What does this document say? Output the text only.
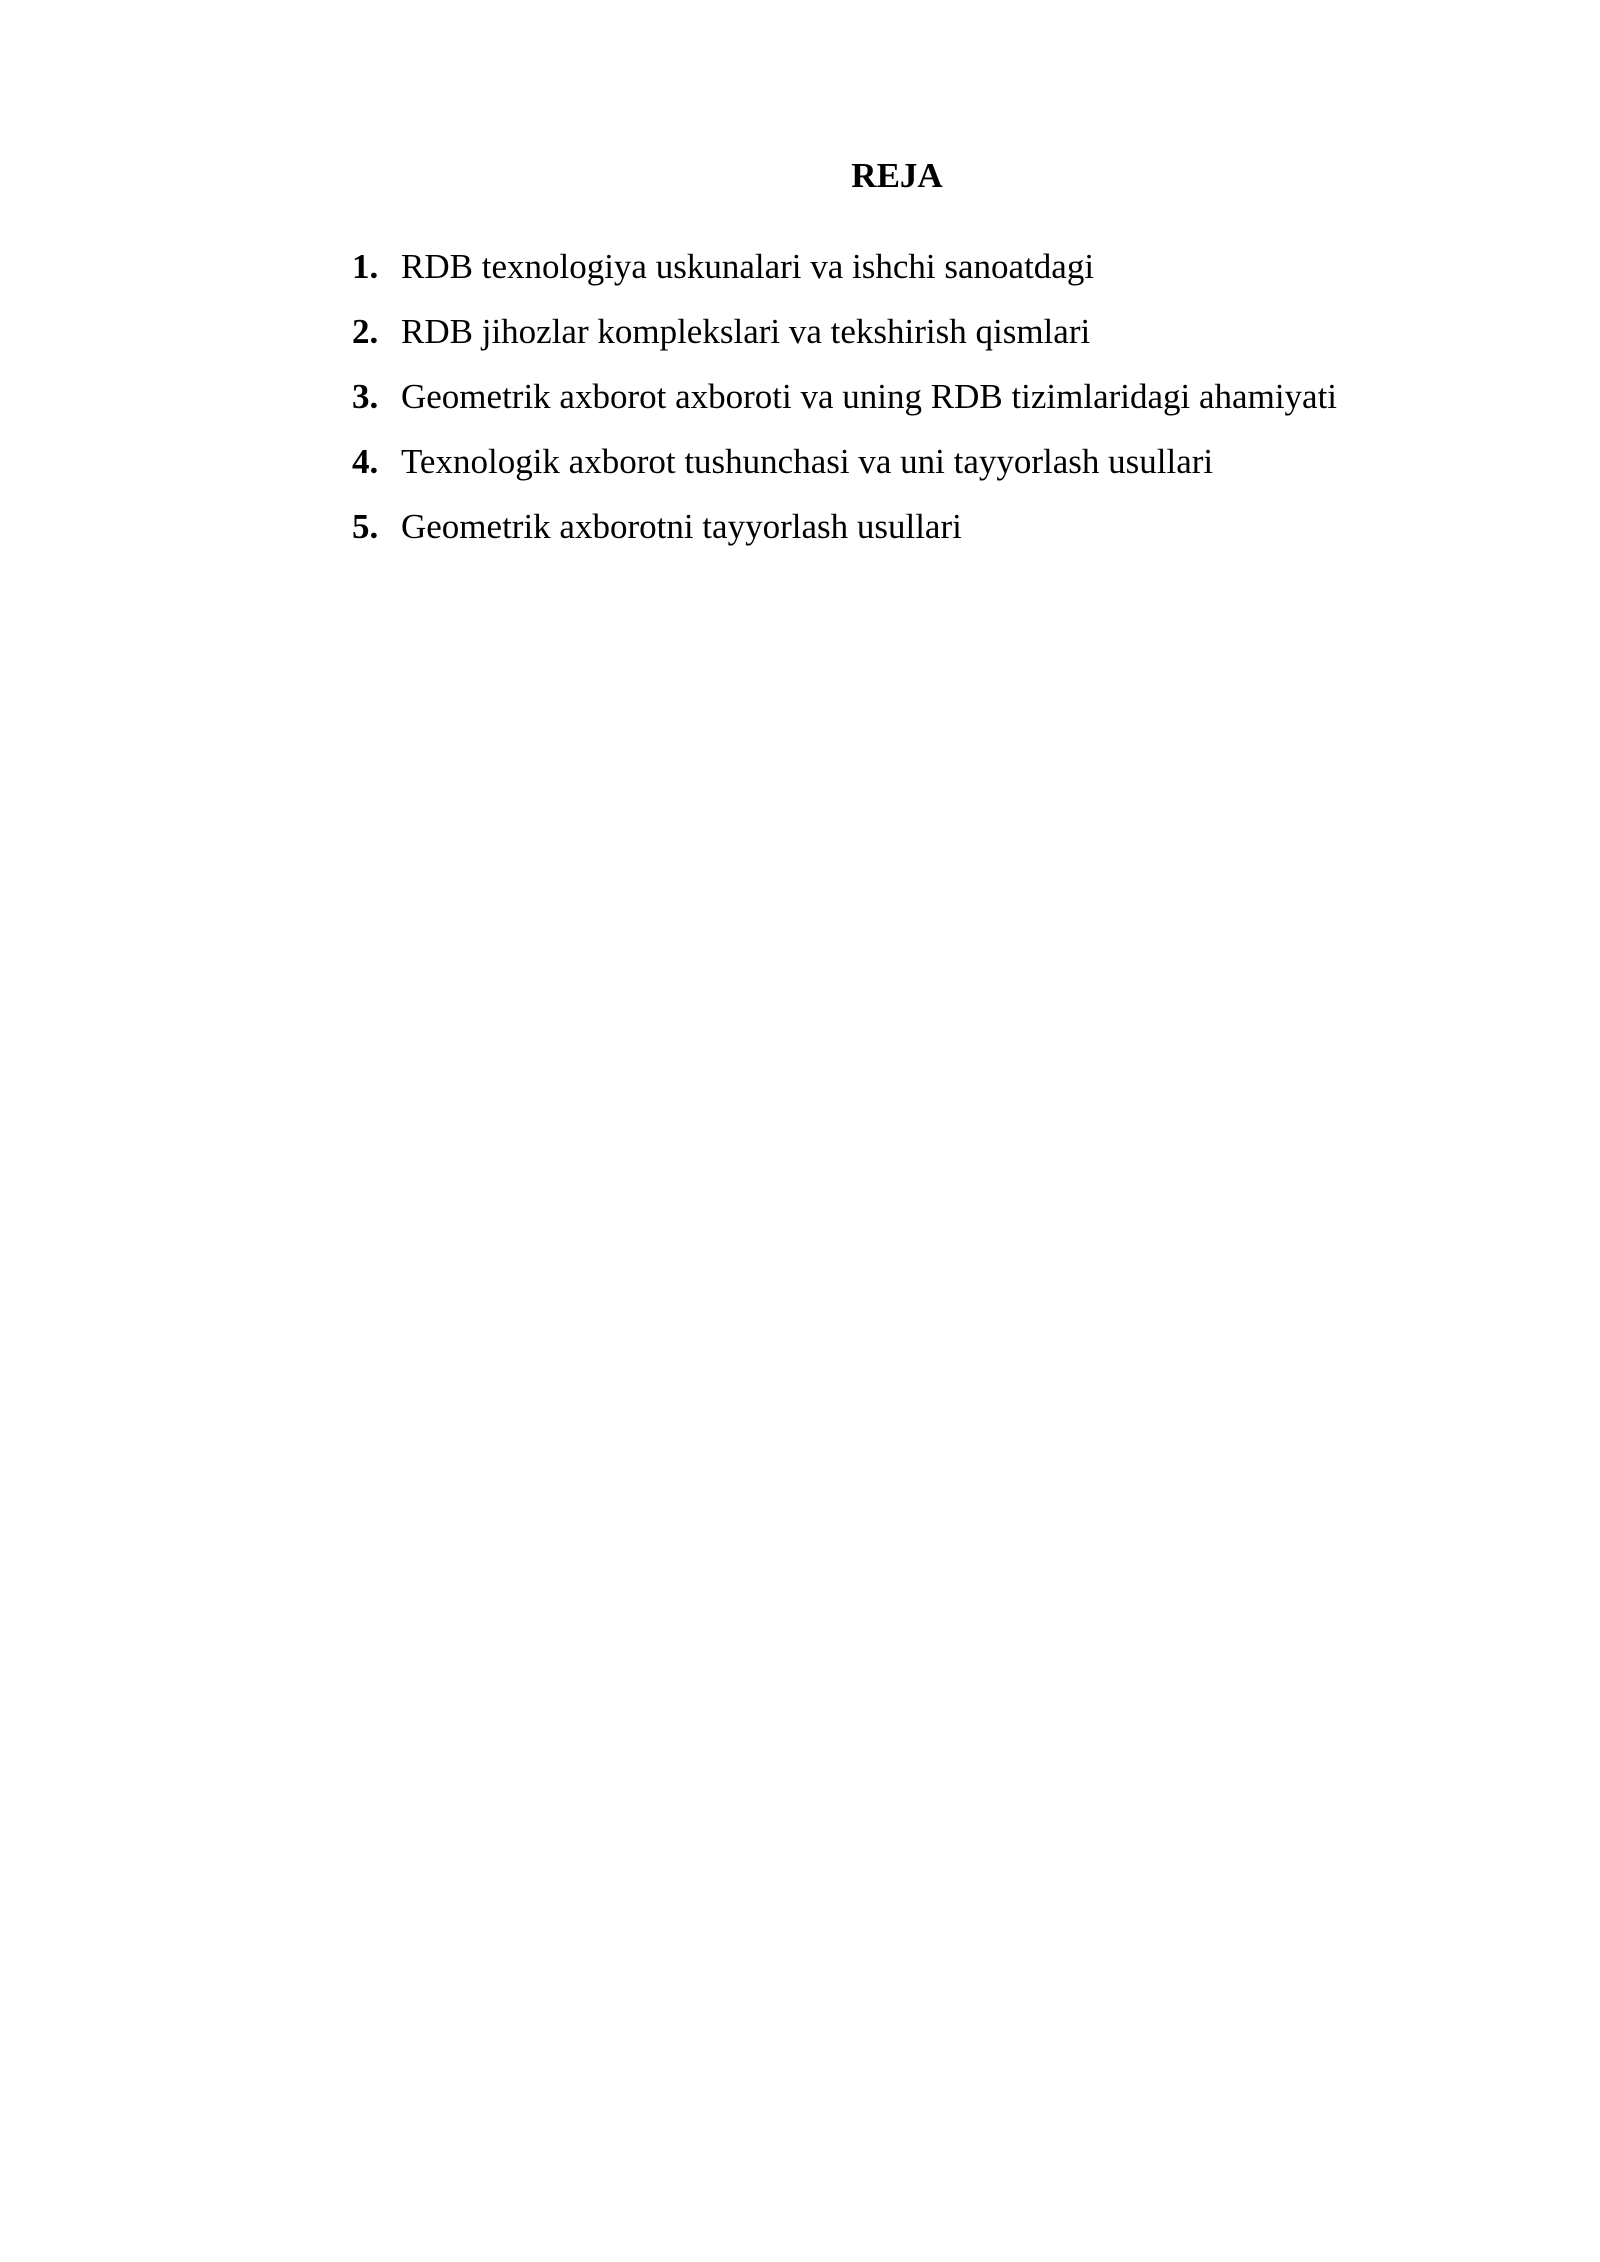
REJA
1. RDB texnologiya uskunalari va ishchi sanoatdagi
2. RDB jihozlar komplekslari va tekshirish qismlari
3. Geometrik axborot axboroti va uning RDB tizimlaridagi ahamiyati
4. Texnologik axborot tushunchasi va uni tayyorlash usullari
5. Geometrik axborotni tayyorlash usullari
